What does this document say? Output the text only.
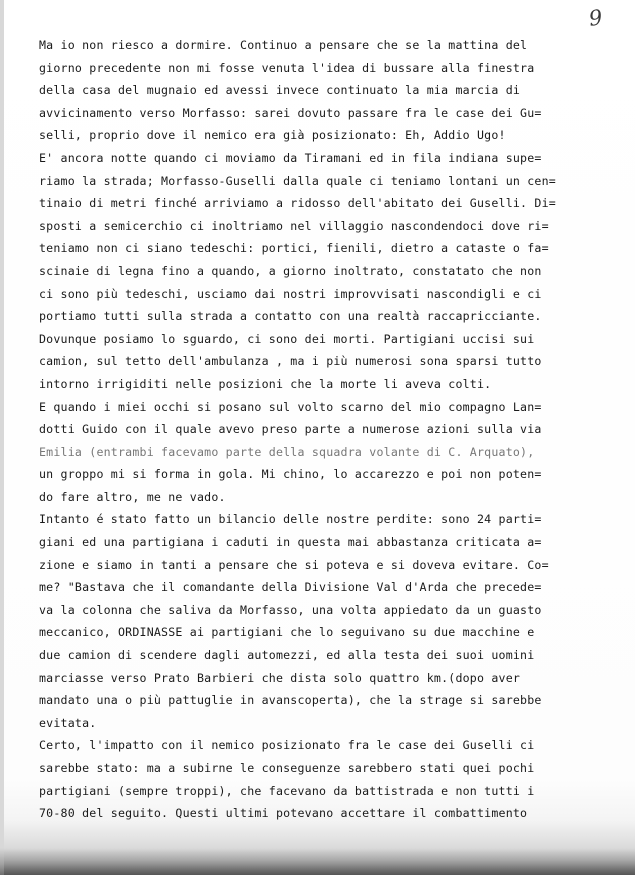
9
Ma io non riesco a dormire. Continuo a pensare che se la mattina del
giorno precedente non mi fosse venuta l'idea di bussare alla finestra
della casa del mugnaio ed avessi invece continuato la mia marcia di
avvicinamento verso Morfasso: sarei dovuto passare fra le case dei Gu=
selli, proprio dove il nemico era già posizionato: Eh, Addio Ugo!
E' ancora notte quando ci moviamo da Tiramani ed in fila indiana supe=
riamo la strada; Morfasso-Guselli dalla quale ci teniamo lontani un cen=
tinaio di metri finché arriviamo a ridosso dell'abitato dei Guselli. Di=
sposti a semicerchio ci inoltriamo nel villaggio nascondendoci dove ri=
teniamo non ci siano tedeschi: portici, fienili, dietro a cataste o fa=
scinaie di legna fino a quando, a giorno inoltrato, constatato che non
ci sono più tedeschi, usciamo dai nostri improvvisati nascondigli e ci
portiamo tutti sulla strada a contatto con una realtà raccapricciante.
Dovunque posiamo lo sguardo, ci sono dei morti. Partigiani uccisi sui
camion, sul tetto dell'ambulanza , ma i più numerosi sona sparsi tutto
intorno irrigiditi nelle posizioni che la morte li aveva colti.
E quando i miei occhi si posano sul volto scarno del mio compagno Lan=
dotti Guido con il quale avevo preso parte a numerose azioni sulla via
Emilia (entrambi facevamo parte della squadra volante di C. Arquato),
un groppo mi si forma in gola. Mi chino, lo accarezzo e poi non poten=
do fare altro, me ne vado.
Intanto é stato fatto un bilancio delle nostre perdite: sono 24 parti=
giani ed una partigiana i caduti in questa mai abbastanza criticata a=
zione e siamo in tanti a pensare che si poteva e si doveva evitare. Co=
me? "Bastava che il comandante della Divisione Val d'Arda che precede=
va la colonna che saliva da Morfasso, una volta appiedato da un guasto
meccanico, ORDINASSE ai partigiani che lo seguivano su due macchine e
due camion di scendere dagli automezzi, ed alla testa dei suoi uomini
marciasse verso Prato Barbieri che dista solo quattro km.(dopo aver
mandato una o più pattuglie in avanscoperta), che la strage si sarebbe
evitata.
Certo, l'impatto con il nemico posizionato fra le case dei Guselli ci
sarebbe stato: ma a subirne le conseguenze sarebbero stati quei pochi
partigiani (sempre troppi), che facevano da battistrada e non tutti i
70-80 del seguito. Questi ultimi potevano accettare il combattimento
